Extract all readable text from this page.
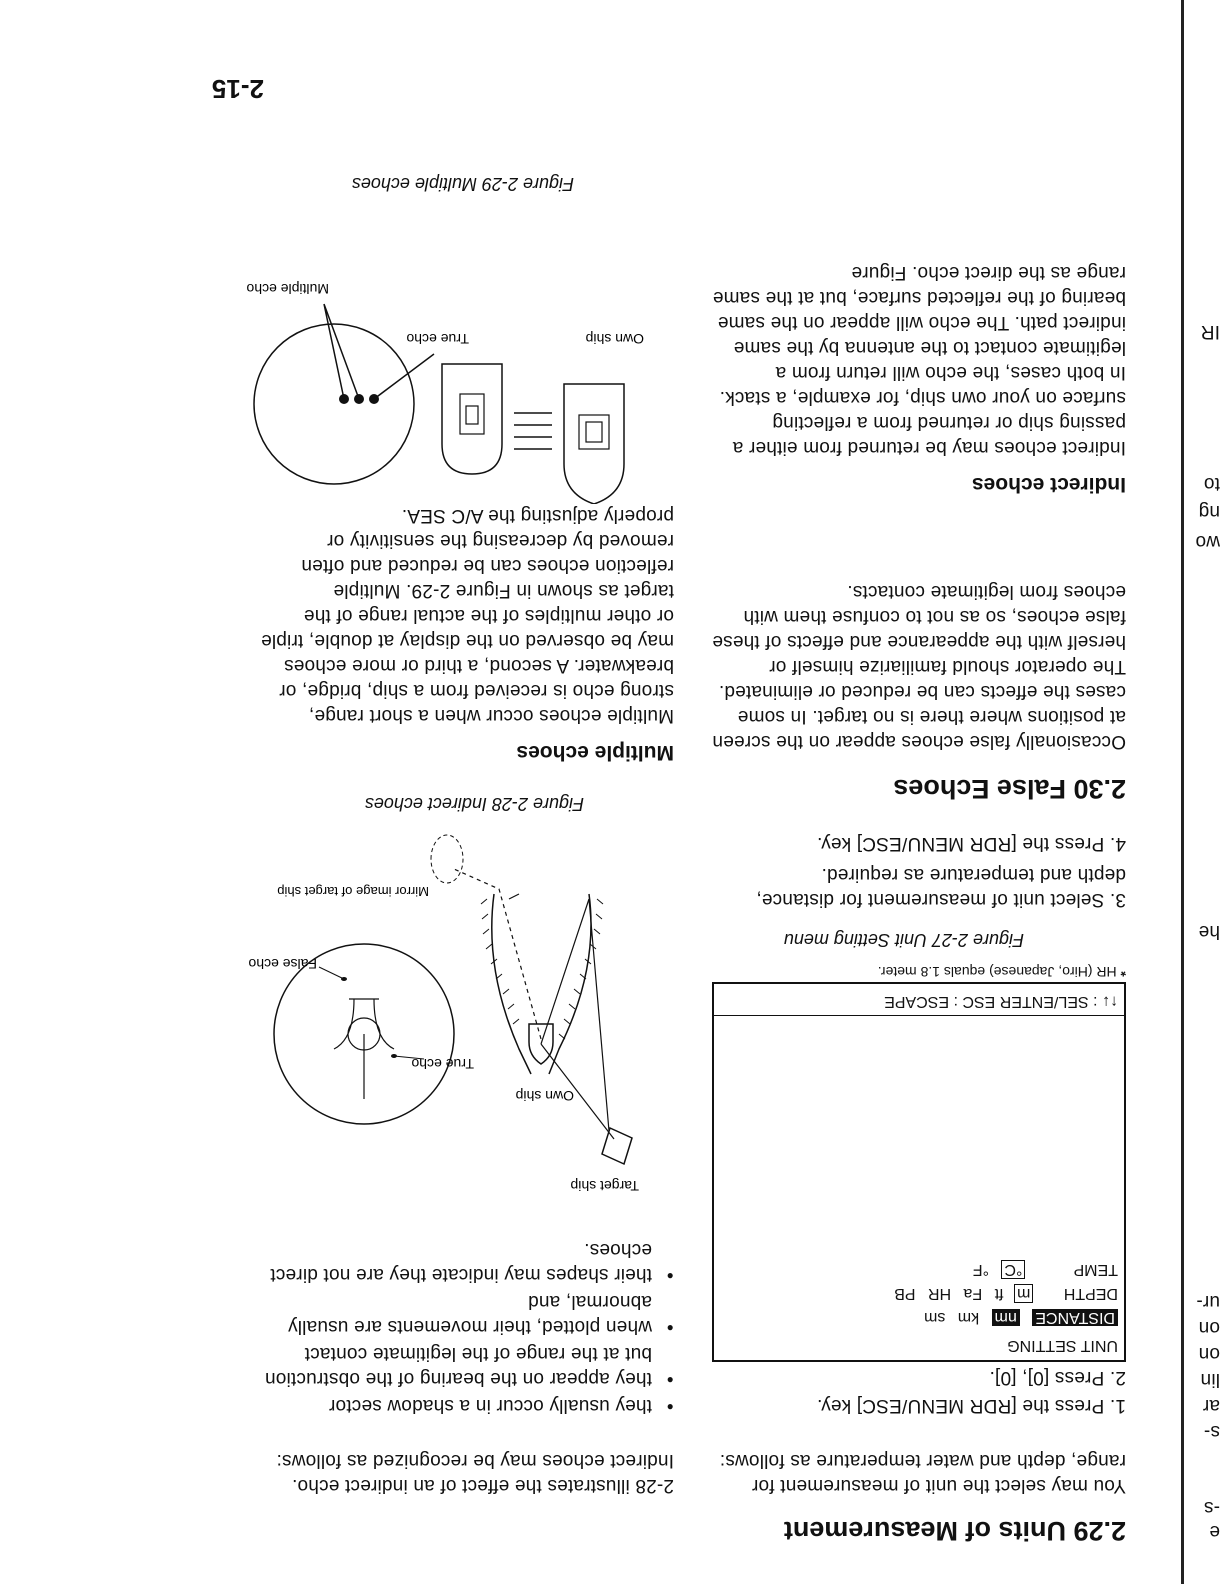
2.29 Units of Measurement
You may select the unit of measurement for range, depth and water temperature as follows:
1. Press the [RDR MENU/ESC] key.
2. Press [0], [0].
UNIT SETTING
DISTANCE nm km sm
DEPTH m ft Fa HR PB
TEMP °C °F
↑↓ : SEL/ENTER ESC : ESCAPE
* HR (Hiro, Japanese) equals 1.8 meter.
Figure 2-27 Unit Setting menu
3. Select unit of measurement for distance, depth and temperature as required.
4. Press the [RDR MENU/ESC] key.
2.30 False Echoes
Occasionally false echoes appear on the screen at positions where there is no target. In some cases the effects can be reduced or eliminated. The operator should familiarize himself or herself with the appearance and effects of these false echoes, so as not to confuse them with echoes from legitimate contacts.
Indirect echoes
Indirect echoes may be returned from either a passing ship or returned from a reflecting surface on your own ship, for example, a stack. In both cases, the echo will return from a legitimate contact to the antenna by the same indirect path. The echo will appear on the same bearing of the reflected surface, but at the same range as the direct echo. Figure
2-28 illustrates the effect of an indirect echo. Indirect echoes may be recognized as follows:
•
they usually occur in a shadow sector
•
they appear on the bearing of the obstruction but at the range of the legitimate contact
•
when plotted, their movements are usually abnormal, and
•
their shapes may indicate they are not direct echoes.
Target ship
Own ship
Mirror image of target ship
True echo
False echo
Figure 2-28 Indirect echoes
Multiple echoes
Multiple echoes occur when a short range, strong echo is received from a ship, bridge, or breakwater. A second, a third or more echoes may be observed on the display at double, triple or other multiples of the actual range of the target as shown in Figure 2-29. Multiple reflection echoes can be reduced and often removed by decreasing the sensitivity or properly adjusting the A/C SEA.
Own ship
True echo
Multiple echo
Figure 2-29 Multiple echoes
2-15
e
-s
s-
ar
lin
on
on
ur-
he
wo
ng
to
IR
